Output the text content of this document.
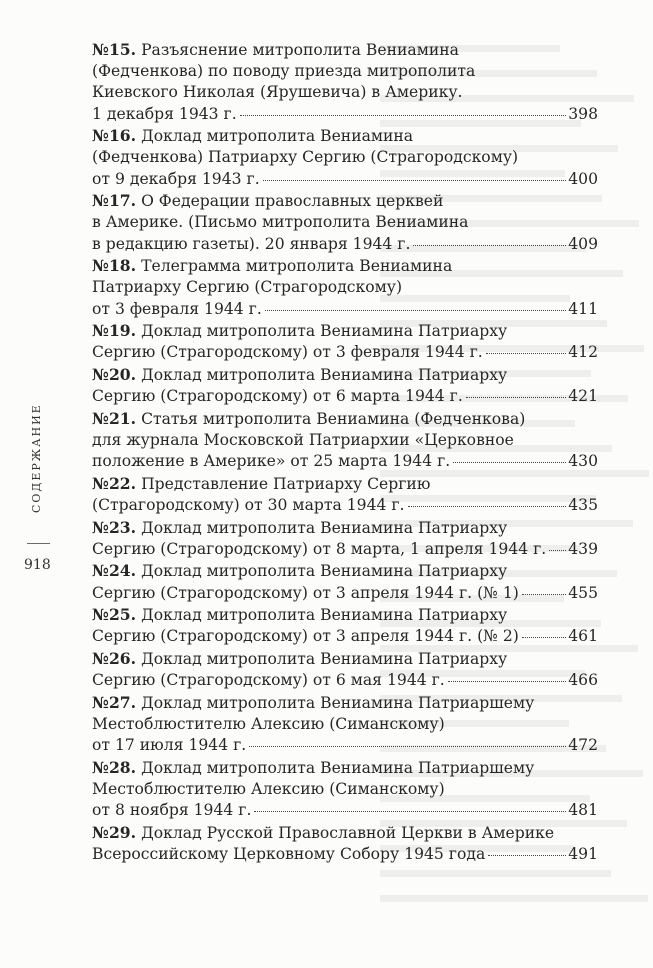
СОДЕРЖАНИЕ
918
№15. Разъяснение митрополита Вениамина
(Федченкова) по поводу приезда митрополита
Киевского Николая (Ярушевича) в Америку.
1 декабря 1943 г.	398
№16. Доклад митрополита Вениамина
(Федченкова) Патриарху Сергию (Страгородскому)
от 9 декабря 1943 г.	400
№17. О Федерации православных церквей
в Америке. (Письмо митрополита Вениамина
в редакцию газеты). 20 января 1944 г.	409
№18. Телеграмма митрополита Вениамина
Патриарху Сергию (Страгородскому)
от 3 февраля 1944 г.	411
№19. Доклад митрополита Вениамина Патриарху
Сергию (Страгородскому) от 3 февраля 1944 г.	412
№20. Доклад митрополита Вениамина Патриарху
Сергию (Страгородскому) от 6 марта 1944 г.	421
№21. Статья митрополита Вениамина (Федченкова)
для журнала Московской Патриархии «Церковное
положение в Америке» от 25 марта 1944 г.	430
№22. Представление Патриарху Сергию
(Страгородскому) от 30 марта 1944 г.	435
№23. Доклад митрополита Вениамина Патриарху
Сергию (Страгородскому) от 8 марта, 1 апреля 1944 г. 439
№24. Доклад митрополита Вениамина Патриарху
Сергию (Страгородскому) от 3 апреля 1944 г. (№ 1)	455
№25. Доклад митрополита Вениамина Патриарху
Сергию (Страгородскому) от 3 апреля 1944 г. (№ 2)	461
№26. Доклад митрополита Вениамина Патриарху
Сергию (Страгородскому) от 6 мая 1944 г.	466
№27. Доклад митрополита Вениамина Патриаршему
Местоблюстителю Алексию (Симанскому)
от 17 июля 1944 г.	472
№28. Доклад митрополита Вениамина Патриаршему
Местоблюстителю Алексию (Симанскому)
от 8 ноября 1944 г.	481
№29. Доклад Русской Православной Церкви в Америке
Всероссийскому Церковному Собору 1945 года	491
